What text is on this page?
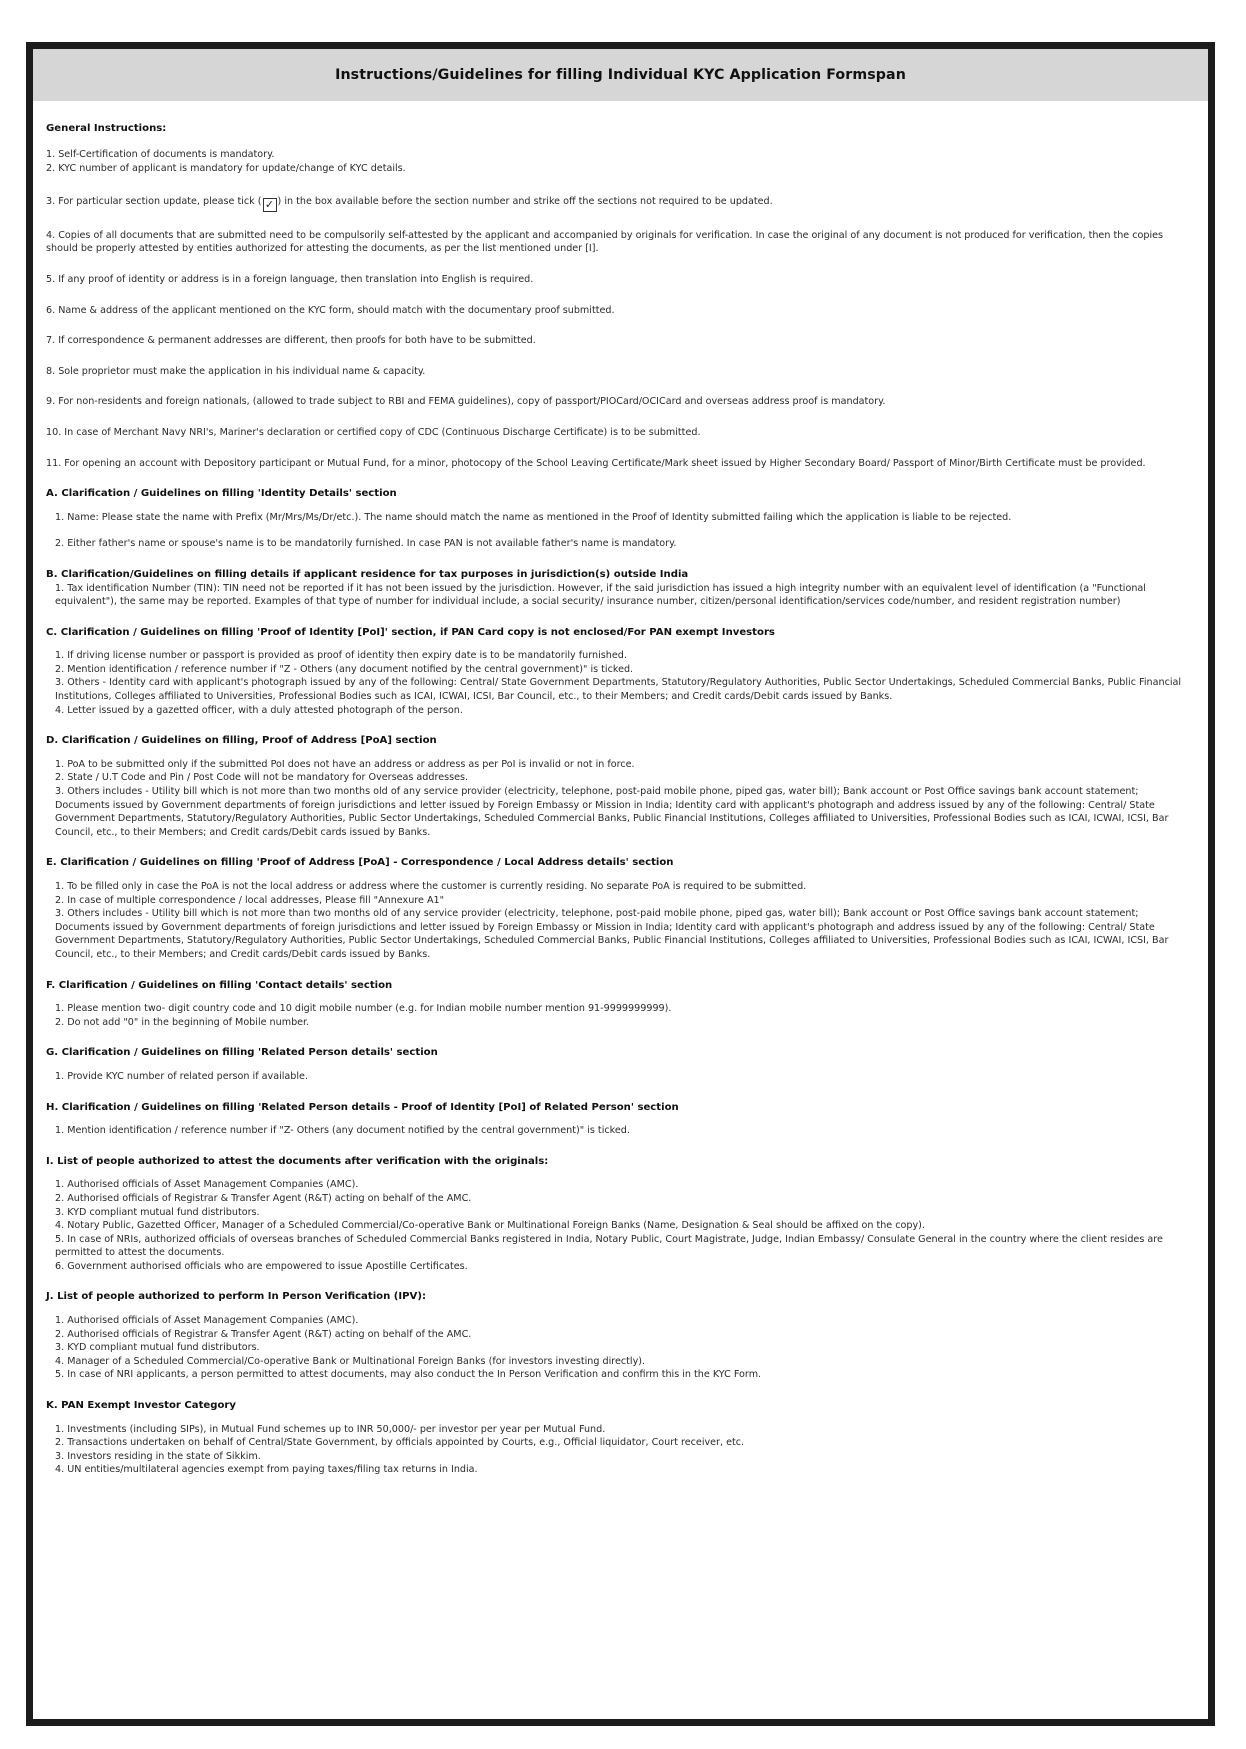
Instructions/Guidelines for filling Individual KYC Application Formspan
General Instructions:

1. Self-Certification of documents is mandatory.

2. KYC number of applicant is mandatory for update/change of KYC details.

3. For particular section update, please tick ( ✓ ) in the box available before the section number and strike off the sections not required to be updated.

4. Copies of all documents that are submitted need to be compulsorily self-attested by the applicant and accompanied by originals for verification. In case the original of any document is not produced for verification, then the copies should be properly attested by entities authorized for attesting the documents, as per the list mentioned under [I].

5. If any proof of identity or address is in a foreign language, then translation into English is required.

6. Name & address of the applicant mentioned on the KYC form, should match with the documentary proof submitted.

7. If correspondence & permanent addresses are different, then proofs for both have to be submitted.

8. Sole proprietor must make the application in his individual name & capacity.

9. For non-residents and foreign nationals, (allowed to trade subject to RBI and FEMA guidelines), copy of passport/PIOCard/OCICard and overseas address proof is mandatory.

10. In case of Merchant Navy NRI's, Mariner's declaration or certified copy of CDC (Continuous Discharge Certificate) is to be submitted.

11. For opening an account with Depository participant or Mutual Fund, for a minor, photocopy of the School Leaving Certificate/Mark sheet issued by Higher Secondary Board/ Passport of Minor/Birth Certificate must be provided.

A. Clarification / Guidelines on filling 'Identity Details' section

1. Name: Please state the name with Prefix (Mr/Mrs/Ms/Dr/etc.). The name should match the name as mentioned in the Proof of Identity submitted failing which the application is liable to be rejected.

2. Either father's name or spouse's name is to be mandatorily furnished. In case PAN is not available father's name is mandatory.

B. Clarification/Guidelines on filling details if applicant residence for tax purposes in jurisdiction(s) outside India

1. Tax identification Number (TIN): TIN need not be reported if it has not been issued by the jurisdiction. However, if the said jurisdiction has issued a high integrity number with an equivalent level of identification (a "Functional equivalent"), the same may be reported. Examples of that type of number for individual include, a social security/ insurance number, citizen/personal identification/services code/number, and resident registration number)

C. Clarification / Guidelines on filling 'Proof of Identity [PoI]' section, if PAN Card copy is not enclosed/For PAN exempt Investors

1. If driving license number or passport is provided as proof of identity then expiry date is to be mandatorily furnished.

2. Mention identification / reference number if "Z - Others (any document notified by the central government)" is ticked.

3. Others - Identity card with applicant's photograph issued by any of the following: Central/ State Government Departments, Statutory/Regulatory Authorities, Public Sector Undertakings, Scheduled Commercial Banks, Public Financial Institutions, Colleges affiliated to Universities, Professional Bodies such as ICAI, ICWAI, ICSI, Bar Council, etc., to their Members; and Credit cards/Debit cards issued by Banks.

4. Letter issued by a gazetted officer, with a duly attested photograph of the person.

D. Clarification / Guidelines on filling, Proof of Address [PoA] section

1. PoA to be submitted only if the submitted PoI does not have an address or address as per PoI is invalid or not in force.

2. State / U.T Code and Pin / Post Code will not be mandatory for Overseas addresses.

3. Others includes - Utility bill which is not more than two months old of any service provider (electricity, telephone, post-paid mobile phone, piped gas, water bill); Bank account or Post Office savings bank account statement; Documents issued by Government departments of foreign jurisdictions and letter issued by Foreign Embassy or Mission in India; Identity card with applicant's photograph and address issued by any of the following: Central/ State Government Departments, Statutory/Regulatory Authorities, Public Sector Undertakings, Scheduled Commercial Banks, Public Financial Institutions, Colleges affiliated to Universities, Professional Bodies such as ICAI, ICWAI, ICSI, Bar Council, etc., to their Members; and Credit cards/Debit cards issued by Banks.

E. Clarification / Guidelines on filling 'Proof of Address [PoA] - Correspondence / Local Address details' section

1. To be filled only in case the PoA is not the local address or address where the customer is currently residing. No separate PoA is required to be submitted.

2. In case of multiple correspondence / local addresses, Please fill "Annexure A1"

3. Others includes - Utility bill which is not more than two months old of any service provider (electricity, telephone, post-paid mobile phone, piped gas, water bill); Bank account or Post Office savings bank account statement; Documents issued by Government departments of foreign jurisdictions and letter issued by Foreign Embassy or Mission in India; Identity card with applicant's photograph and address issued by any of the following: Central/ State Government Departments, Statutory/Regulatory Authorities, Public Sector Undertakings, Scheduled Commercial Banks, Public Financial Institutions, Colleges affiliated to Universities, Professional Bodies such as ICAI, ICWAI, ICSI, Bar Council, etc., to their Members; and Credit cards/Debit cards issued by Banks.

F. Clarification / Guidelines on filling 'Contact details' section

1. Please mention two- digit country code and 10 digit mobile number (e.g. for Indian mobile number mention 91-9999999999).

2. Do not add "0" in the beginning of Mobile number.

G. Clarification / Guidelines on filling 'Related Person details' section

1. Provide KYC number of related person if available.

H. Clarification / Guidelines on filling 'Related Person details - Proof of Identity [PoI] of Related Person' section

1. Mention identification / reference number if "Z- Others (any document notified by the central government)" is ticked.

I. List of people authorized to attest the documents after verification with the originals:

1. Authorised officials of Asset Management Companies (AMC).

2. Authorised officials of Registrar & Transfer Agent (R&T) acting on behalf of the AMC.

3. KYD compliant mutual fund distributors.

4. Notary Public, Gazetted Officer, Manager of a Scheduled Commercial/Co-operative Bank or Multinational Foreign Banks (Name, Designation & Seal should be affixed on the copy).

5. In case of NRIs, authorized officials of overseas branches of Scheduled Commercial Banks registered in India, Notary Public, Court Magistrate, Judge, Indian Embassy/ Consulate General in the country where the client resides are permitted to attest the documents.

6. Government authorised officials who are empowered to issue Apostille Certificates.

J. List of people authorized to perform In Person Verification (IPV):

1. Authorised officials of Asset Management Companies (AMC).

2. Authorised officials of Registrar & Transfer Agent (R&T) acting on behalf of the AMC.

3. KYD compliant mutual fund distributors.

4. Manager of a Scheduled Commercial/Co-operative Bank or Multinational Foreign Banks (for investors investing directly).

5. In case of NRI applicants, a person permitted to attest documents, may also conduct the In Person Verification and confirm this in the KYC Form.

K. PAN Exempt Investor Category

1. Investments (including SIPs), in Mutual Fund schemes up to INR 50,000/- per investor per year per Mutual Fund.

2. Transactions undertaken on behalf of Central/State Government, by officials appointed by Courts, e.g., Official liquidator, Court receiver, etc.

3. Investors residing in the state of Sikkim.

4. UN entities/multilateral agencies exempt from paying taxes/filing tax returns in India.
